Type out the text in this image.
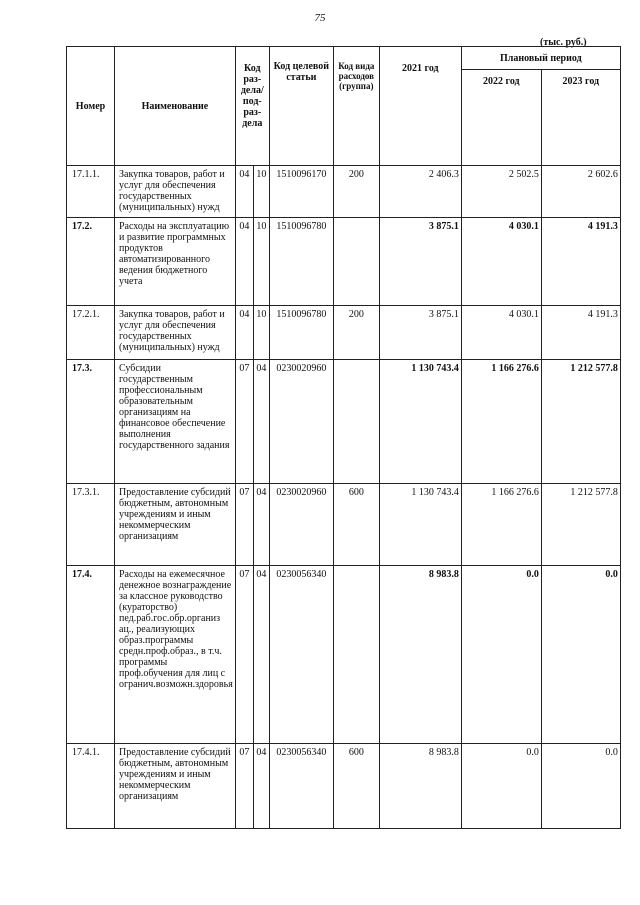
75
(тыс. руб.)
Номер	Наименование	Код раз-дела/ под-раз-дела		Код целевой статьи	Код вида расходов (группа)	2021 год	Плановый период	
							2022 год	2023 год
17.1.1.	Закупка товаров, работ и услуг для обеспечения государственных (муниципальных) нужд	04	10	1510096170	200	2 406.3	2 502.5	2 602.6
17.2.	Расходы на эксплуатацию и развитие программных продуктов автоматизированного ведения бюджетного учета	04	10	1510096780		3 875.1	4 030.1	4 191.3
17.2.1.	Закупка товаров, работ и услуг для обеспечения государственных (муниципальных) нужд	04	10	1510096780	200	3 875.1	4 030.1	4 191.3
17.3.	Субсидии государственным профессиональным образовательным организациям на финансовое обеспечение выполнения государственного задания	07	04	0230020960		1 130 743.4	1 166 276.6	1 212 577.8
17.3.1.	Предоставление субсидий бюджетным, автономным учреждениям и иным некоммерческим организациям	07	04	0230020960	600	1 130 743.4	1 166 276.6	1 212 577.8
17.4.	Расходы на ежемесячное денежное вознаграждение за классное руководство (кураторство) пед.раб.гос.обр.организ ац., реализующих образ.программы средн.проф.образ., в т.ч. программы проф.обучения для лиц с огранич.возможн.здоровья	07	04	0230056340		8 983.8	0.0	0.0
17.4.1.	Предоставление субсидий бюджетным, автономным учреждениям и иным некоммерческим организациям	07	04	0230056340	600	8 983.8	0.0	0.0
